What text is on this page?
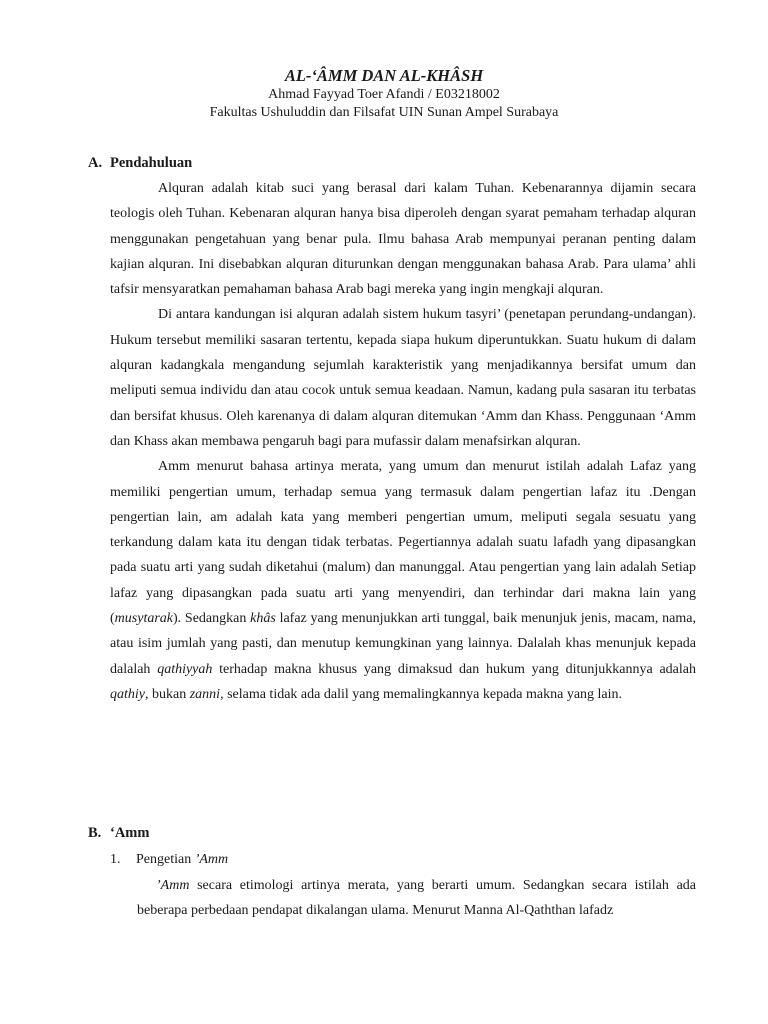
AL-‘ÂMM DAN AL-KHÂSH
Ahmad Fayyad Toer Afandi / E03218002
Fakultas Ushuluddin dan Filsafat UIN Sunan Ampel Surabaya
A. Pendahuluan

Alquran adalah kitab suci yang berasal dari kalam Tuhan. Kebenarannya dijamin secara teologis oleh Tuhan. Kebenaran alquran hanya bisa diperoleh dengan syarat pemaham terhadap alquran menggunakan pengetahuan yang benar pula. Ilmu bahasa Arab mempunyai peranan penting dalam kajian alquran. Ini disebabkan alquran diturunkan dengan menggunakan bahasa Arab. Para ulama’ ahli tafsir mensyaratkan pemahaman bahasa Arab bagi mereka yang ingin mengkaji alquran.

Di antara kandungan isi alquran adalah sistem hukum tasyri’ (penetapan perundang-undangan). Hukum tersebut memiliki sasaran tertentu, kepada siapa hukum diperuntukkan. Suatu hukum di dalam alquran kadangkala mengandung sejumlah karakteristik yang menjadikannya bersifat umum dan meliputi semua individu dan atau cocok untuk semua keadaan. Namun, kadang pula sasaran itu terbatas dan bersifat khusus. Oleh karenanya di dalam alquran ditemukan ‘Amm dan Khass. Penggunaan ‘Amm dan Khass akan membawa pengaruh bagi para mufassir dalam menafsirkan alquran.

Amm menurut bahasa artinya merata, yang umum dan menurut istilah adalah Lafaz yang memiliki pengertian umum, terhadap semua yang termasuk dalam pengertian lafaz itu .Dengan pengertian lain, am adalah kata yang memberi pengertian umum, meliputi segala sesuatu yang terkandung dalam kata itu dengan tidak terbatas. Pegertiannya adalah suatu lafadh yang dipasangkan pada suatu arti yang sudah diketahui (malum) dan manunggal. Atau pengertian yang lain adalah Setiap lafaz yang dipasangkan pada suatu arti yang menyendiri, dan terhindar dari makna lain yang (musytarak). Sedangkan khâs lafaz yang menunjukkan arti tunggal, baik menunjuk jenis, macam, nama, atau isim jumlah yang pasti, dan menutup kemungkinan yang lainnya. Dalalah khas menunjuk kepada dalalah qathiyyah terhadap makna khusus yang dimaksud dan hukum yang ditunjukkannya adalah qathiy, bukan zanni, selama tidak ada dalil yang memalingkannya kepada makna yang lain.

B. ‘Amm
1. Pengetian ’Amm

’Amm secara etimologi artinya merata, yang berarti umum. Sedangkan secara istilah ada beberapa perbedaan pendapat dikalangan ulama. Menurut Manna Al-Qaththan lafadz
